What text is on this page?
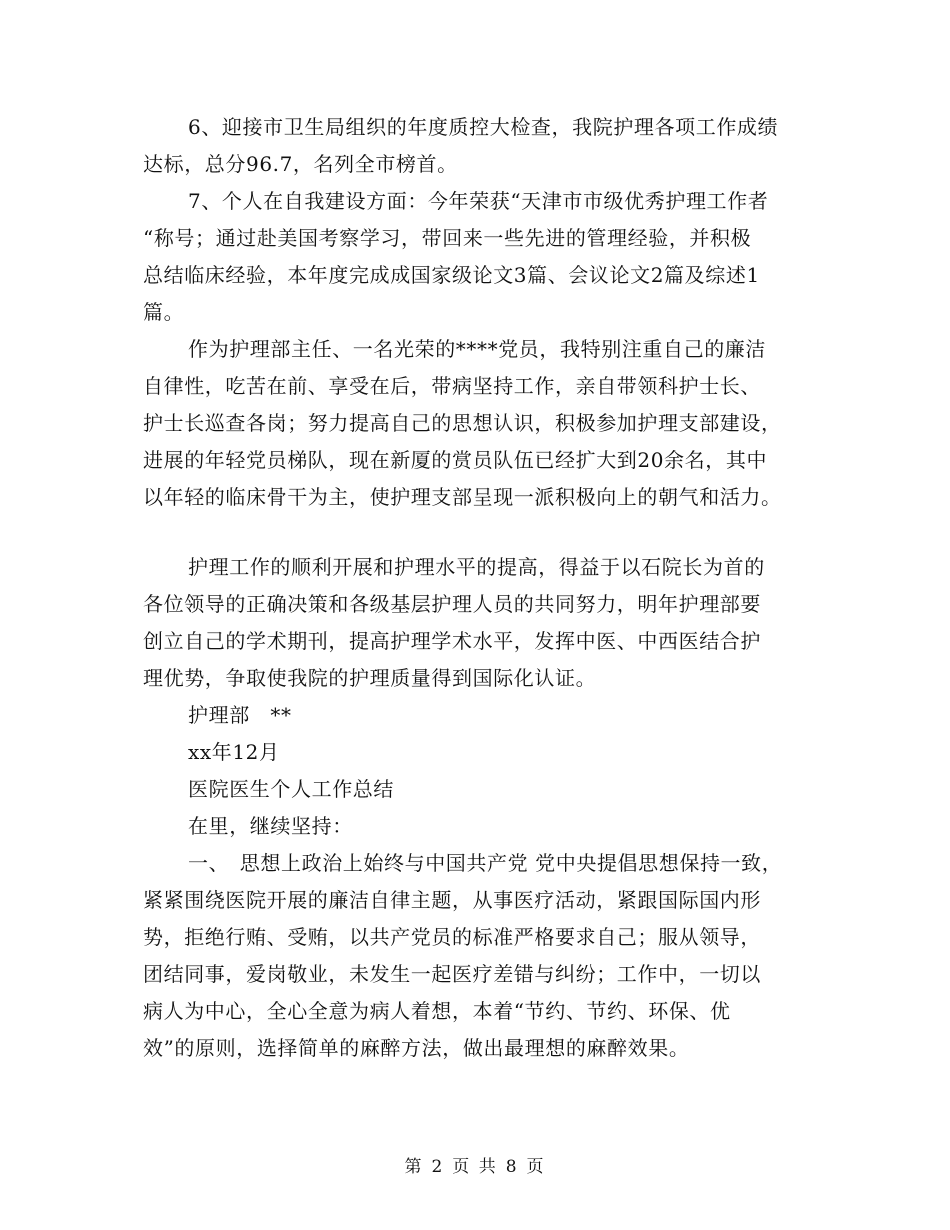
6、迎接市卫生局组织的年度质控大检查，我院护理各项工作成绩
达标，总分96.7，名列全市榜首。
7、个人在自我建设方面：今年荣获“天津市市级优秀护理工作者
“称号；通过赴美国考察学习，带回来一些先进的管理经验，并积极
总结临床经验，本年度完成成国家级论文3篇、会议论文2篇及综述1
篇。
作为护理部主任、一名光荣的****党员，我特别注重自己的廉洁
自律性，吃苦在前、享受在后，带病坚持工作，亲自带领科护士长、
护士长巡查各岗；努力提高自己的思想认识，积极参加护理支部建设，
进展的年轻党员梯队，现在新厦的赏员队伍已经扩大到20余名，其中
以年轻的临床骨干为主，使护理支部呈现一派积极向上的朝气和活力。
护理工作的顺利开展和护理水平的提高，得益于以石院长为首的
各位领导的正确决策和各级基层护理人员的共同努力，明年护理部要
创立自己的学术期刊，提高护理学术水平，发挥中医、中西医结合护
理优势，争取使我院的护理质量得到国际化认证。
护理部　**
xx年12月
医院医生个人工作总结
在里，继续坚持：
一、　思想上政治上始终与中国共产党 党中央提倡思想保持一致，
紧紧围绕医院开展的廉洁自律主题，从事医疗活动，紧跟国际国内形
势，拒绝行贿、受贿，以共产党员的标准严格要求自己；服从领导，
团结同事，爱岗敬业，未发生一起医疗差错与纠纷；工作中，一切以
病人为中心，全心全意为病人着想，本着“节约、节约、环保、优
效”的原则，选择简单的麻醉方法，做出最理想的麻醉效果。
第 2 页 共 8 页
